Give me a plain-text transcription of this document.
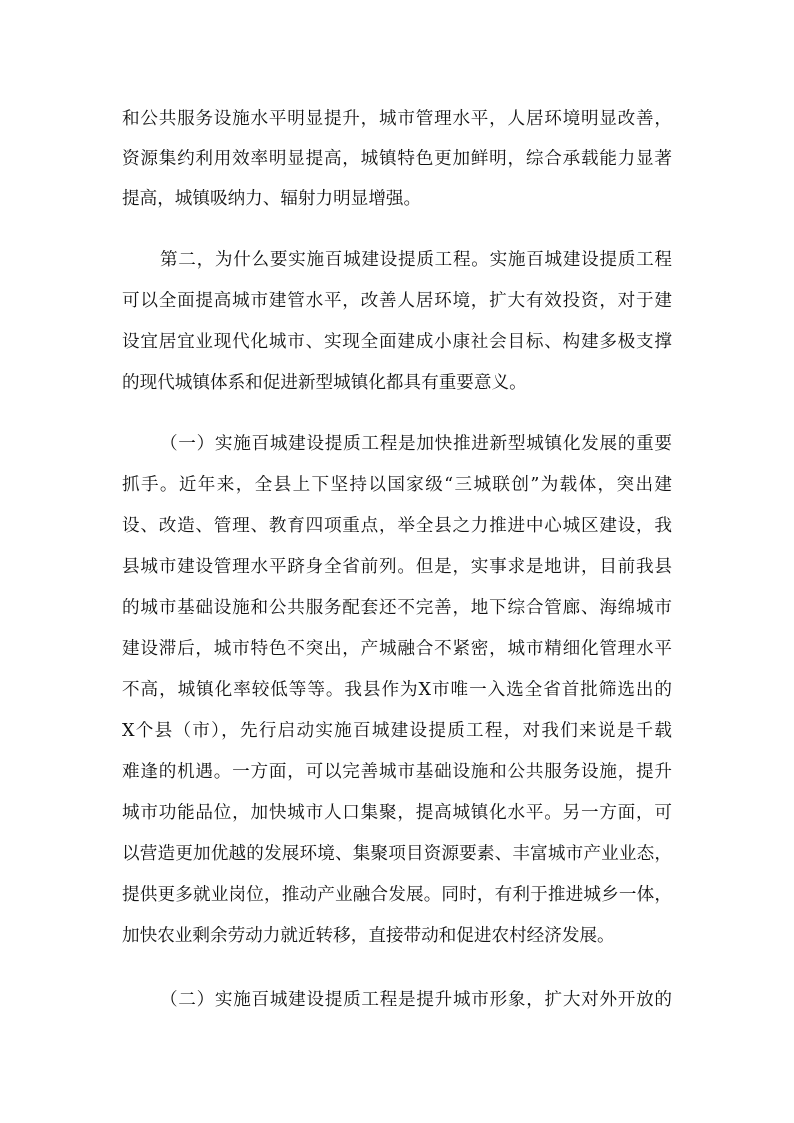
和公共服务设施水平明显提升，城市管理水平，人居环境明显改善，
资源集约利用效率明显提高，城镇特色更加鲜明，综合承载能力显著
提高，城镇吸纳力、辐射力明显增强。
第二，为什么要实施百城建设提质工程。实施百城建设提质工程
可以全面提高城市建管水平，改善人居环境，扩大有效投资，对于建
设宜居宜业现代化城市、实现全面建成小康社会目标、构建多极支撑
的现代城镇体系和促进新型城镇化都具有重要意义。
（一）实施百城建设提质工程是加快推进新型城镇化发展的重要
抓手。近年来，全县上下坚持以国家级“三城联创”为载体，突出建
设、改造、管理、教育四项重点，举全县之力推进中心城区建设，我
县城市建设管理水平跻身全省前列。但是，实事求是地讲，目前我县
的城市基础设施和公共服务配套还不完善，地下综合管廊、海绵城市
建设滞后，城市特色不突出，产城融合不紧密，城市精细化管理水平
不高，城镇化率较低等等。我县作为X市唯一入选全省首批筛选出的
X个县（市），先行启动实施百城建设提质工程，对我们来说是千载
难逢的机遇。一方面，可以完善城市基础设施和公共服务设施，提升
城市功能品位，加快城市人口集聚，提高城镇化水平。另一方面，可
以营造更加优越的发展环境、集聚项目资源要素、丰富城市产业业态，
提供更多就业岗位，推动产业融合发展。同时，有利于推进城乡一体，
加快农业剩余劳动力就近转移，直接带动和促进农村经济发展。
（二）实施百城建设提质工程是提升城市形象，扩大对外开放的
